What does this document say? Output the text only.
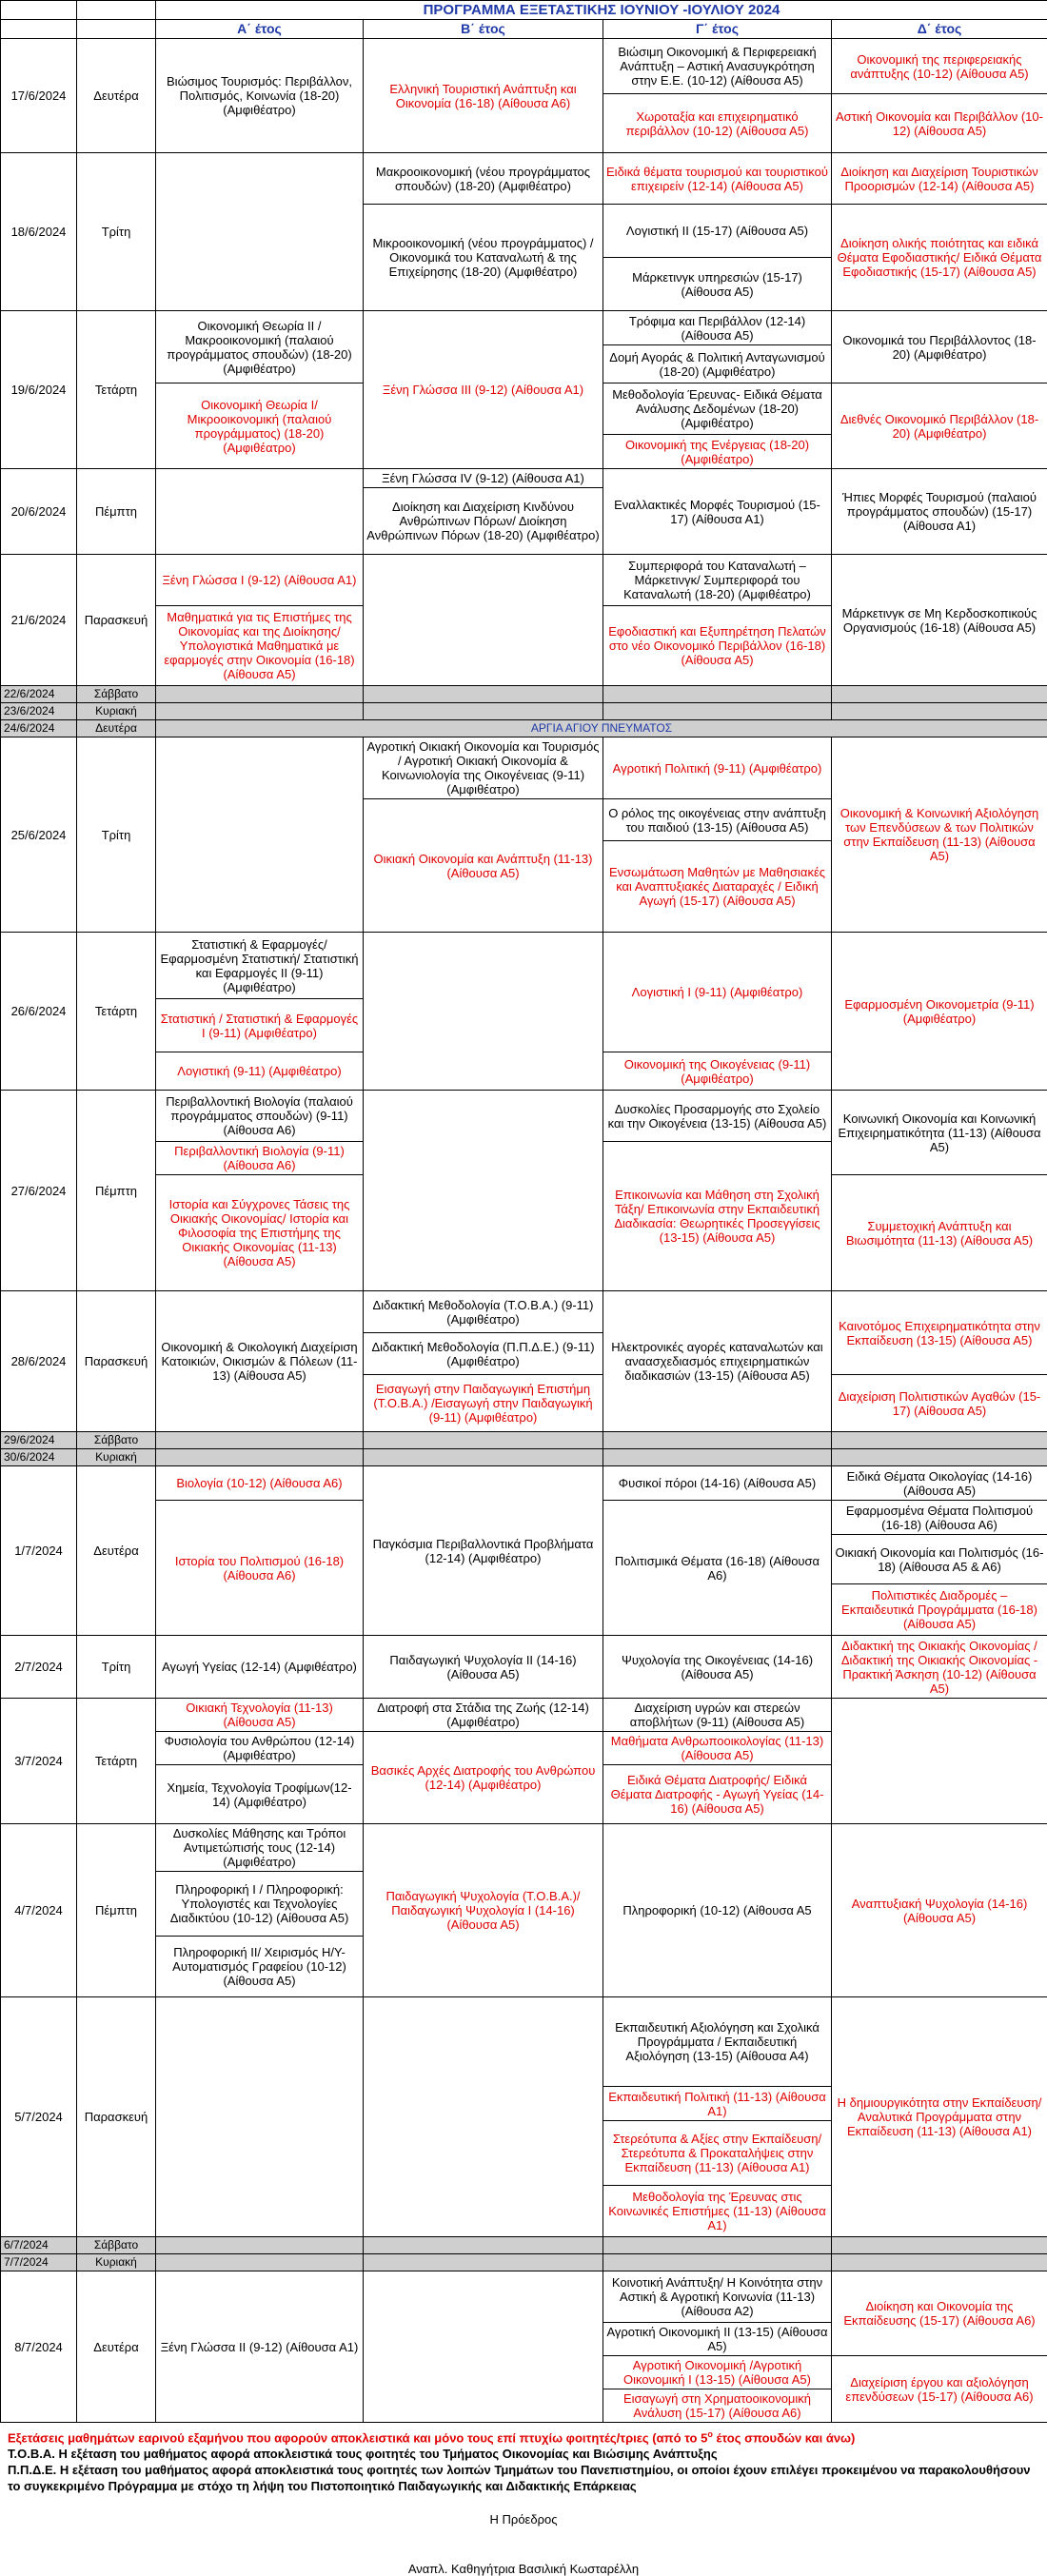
		ΠΡΟΓΡΑΜΜΑ ΕΞΕΤΑΣΤΙΚΗΣ ΙΟΥΝΙΟΥ -ΙΟΥΛΙΟΥ 2024			
		Α΄ έτος	Β΄ έτος	Γ΄ έτος	Δ΄ έτος
17/6/2024	Δευτέρα	Βιώσιμος Τουρισμός: Περιβάλλον, Πολιτισμός, Κοινωνία (18-20) (Αμφιθέατρο)	Ελληνική Τουριστική Ανάπτυξη και Οικονομία (16-18) (Αίθουσα Α6)	Βιώσιμη Οικονομική & Περιφερειακή Ανάπτυξη – Αστική Ανασυγκρότηση στην Ε.Ε. (10-12) (Αίθουσα Α5)	Οικονομική της περιφερειακής ανάπτυξης (10-12) (Αίθουσα Α5)
				Χωροταξία και επιχειρηματικό περιβάλλον (10-12) (Αίθουσα Α5)	Αστική Οικονομία και Περιβάλλον (10-12) (Αίθουσα Α5)
18/6/2024	Τρίτη		Μακροοικονομική (νέου προγράμματος σπουδών) (18-20) (Αμφιθέατρο)	Ειδικά θέματα τουρισμού και τουριστικού επιχειρείν (12-14) (Αίθουσα Α5)	Διοίκηση και Διαχείριση Τουριστικών Προορισμών (12-14) (Αίθουσα Α5)
			Μικροοικονομική (νέου προγράμματος) / Οικονομικά του Καταναλωτή & της Επιχείρησης (18-20) (Αμφιθέατρο)	Λογιστική ΙΙ (15-17) (Αίθουσα Α5)	Διοίκηση ολικής ποιότητας και ειδικά Θέματα Εφοδιαστικής/ Ειδικά Θέματα Εφοδιαστικής (15-17) (Αίθουσα Α5)
				Μάρκετινγκ υπηρεσιών (15-17) (Αίθουσα Α5)	
19/6/2024	Τετάρτη	Οικονομική Θεωρία ΙΙ /Μακροοικονομική (παλαιού προγράμματος σπουδών) (18-20) (Αμφιθέατρο)	Ξένη Γλώσσα ΙΙΙ (9-12) (Αίθουσα Α1)	Τρόφιμα και Περιβάλλον (12-14) (Αίθουσα Α5)	Οικονομικά του Περιβάλλοντος (18-20) (Αμφιθέατρο)
				Δομή Αγοράς & Πολιτική Ανταγωνισμού (18-20) (Αμφιθέατρο)	
		Οικονομική Θεωρία Ι/ Μικροοικονομική (παλαιού προγράμματος) (18-20) (Αμφιθέατρο)		Μεθοδολογία Έρευνας- Ειδικά Θέματα Ανάλυσης Δεδομένων (18-20) (Αμφιθέατρο)	Διεθνές Οικονομικό Περιβάλλον (18-20) (Αμφιθέατρο)
				Οικονομική της Ενέργειας (18-20) (Αμφιθέατρο)	
20/6/2024	Πέμπτη		Ξένη Γλώσσα IV (9-12) (Αίθουσα Α1)	Εναλλακτικές Μορφές Τουρισμού (15-17) (Αίθουσα Α1)	Ήπιες Μορφές Τουρισμού (παλαιού προγράμματος σπουδών) (15-17) (Αίθουσα Α1)
			Διοίκηση και Διαχείριση Κινδύνου Ανθρώπινων Πόρων/ Διοίκηση Ανθρώπινων Πόρων (18-20) (Αμφιθέατρο)		
21/6/2024	Παρασκευή	Ξένη Γλώσσα Ι (9-12) (Αίθουσα Α1)		Συμπεριφορά του Καταναλωτή – Μάρκετινγκ/ Συμπεριφορά του Καταναλωτή (18-20) (Αμφιθέατρο)	Μάρκετινγκ σε Μη Κερδοσκοπικούς Οργανισμούς (16-18) (Αίθουσα Α5)
		Μαθηματικά για τις Επιστήμες της Οικονομίας και της Διοίκησης/ Υπολογιστικά Μαθηματικά με εφαρμογές στην Οικονομία (16-18) (Αίθουσα Α5)		Εφοδιαστική και Εξυπηρέτηση Πελατών στο νέο Οικονομικό Περιβάλλον (16-18) (Αίθουσα Α5)	
22/6/2024	Σάββατο				
23/6/2024	Κυριακή				
24/6/2024	Δευτέρα	ΑΡΓΙΑ ΑΓΙΟΥ ΠΝΕΥΜΑΤΟΣ			
25/6/2024	Τρίτη		Αγροτική Οικιακή Οικονομία και Τουρισμός / Αγροτική Οικιακή Οικονομία & Κοινωνιολογία της Οικογένειας (9-11) (Αμφιθέατρο)	Αγροτική Πολιτική (9-11) (Αμφιθέατρο)	Οικονομική & Κοινωνική Αξιολόγηση των Επενδύσεων & των Πολιτικών στην Εκπαίδευση (11-13) (Αίθουσα Α5)
			Οικιακή Οικονομία και Ανάπτυξη (11-13) (Αίθουσα Α5)	Ο ρόλος της οικογένειας στην ανάπτυξη του παιδιού (13-15) (Αίθουσα Α5)	
				Ενσωμάτωση Μαθητών με Μαθησιακές και Αναπτυξιακές Διαταραχές / Ειδική Αγωγή (15-17) (Αίθουσα Α5)	
26/6/2024	Τετάρτη	Στατιστική & Εφαρμογές/ Εφαρμοσμένη Στατιστική/ Στατιστική και Εφαρμογές ΙΙ (9-11) (Αμφιθέατρο)		Λογιστική Ι (9-11) (Αμφιθέατρο)	Εφαρμοσμένη Οικονομετρία (9-11) (Αμφιθέατρο)
		Στατιστική / Στατιστική & Εφαρμογές Ι (9-11) (Αμφιθέατρο)			
		Λογιστική (9-11) (Αμφιθέατρο)		Οικονομική της Οικογένειας (9-11) (Αμφιθέατρο)	
27/6/2024	Πέμπτη	Περιβαλλοντική Βιολογία (παλαιού προγράμματος σπουδών) (9-11) (Αίθουσα Α6)		Δυσκολίες Προσαρμογής στο Σχολείο και την Οικογένεια (13-15) (Αίθουσα Α5)	Κοινωνική Οικονομία και Κοινωνική Επιχειρηματικότητα (11-13) (Αίθουσα Α5)
		Περιβαλλοντική Βιολογία (9-11) (Αίθουσα Α6)		Επικοινωνία και Μάθηση στη Σχολική Τάξη/ Επικοινωνία στην Εκπαιδευτική Διαδικασία: Θεωρητικές Προσεγγίσεις (13-15) (Αίθουσα Α5)	
		Ιστορία και Σύγχρονες Τάσεις της Οικιακής Οικονομίας/ Ιστορία και Φιλοσοφία της Επιστήμης της Οικιακής Οικονομίας (11-13) (Αίθουσα Α5)			Συμμετοχική Ανάπτυξη και Βιωσιμότητα (11-13) (Αίθουσα Α5)
28/6/2024	Παρασκευή	Οικονομική & Οικολογική Διαχείριση Κατοικιών, Οικισμών & Πόλεων (11-13) (Αίθουσα Α5)	Διδακτική Μεθοδολογία (Τ.Ο.Β.Α.) (9-11) (Αμφιθέατρο)	Ηλεκτρονικές αγορές καταναλωτών και αναασχεδιασμός επιχειρηματικών διαδικασιών (13-15) (Αίθουσα Α5)	Καινοτόμος Επιχειρηματικότητα στην Εκπαίδευση (13-15) (Αίθουσα Α5)
			Διδακτική Μεθοδολογία (Π.Π.Δ.Ε.) (9-11) (Αμφιθέατρο)		
			Εισαγωγή στην Παιδαγωγική Επιστήμη (Τ.Ο.Β.Α.) /Εισαγωγή στην Παιδαγωγική (9-11) (Αμφιθέατρο)		Διαχείριση Πολιτιστικών Αγαθών (15-17) (Αίθουσα Α5)
29/6/2024	Σάββατο				
30/6/2024	Κυριακή				
1/7/2024	Δευτέρα	Βιολογία (10-12) (Αίθουσα Α6)	Παγκόσμια Περιβαλλοντικά Προβλήματα (12-14) (Αμφιθέατρο)	Φυσικοί πόροι (14-16) (Αίθουσα Α5)	Ειδικά Θέματα Οικολογίας (14-16) (Αίθουσα Α5)
		Ιστορία του Πολιτισμού (16-18) (Αίθουσα Α6)		Πολιτισμικά Θέματα (16-18) (Αίθουσα Α6)	Εφαρμοσμένα Θέματα Πολιτισμού (16-18) (Αίθουσα Α6)
					Οικιακή Οικονομία και Πολιτισμός (16-18) (Αίθουσα Α5 & Α6)
					Πολιτιστικές Διαδρομές – Εκπαιδευτικά Προγράμματα (16-18) (Αίθουσα Α5)
2/7/2024	Τρίτη	Αγωγή Υγείας (12-14) (Αμφιθέατρο)	Παιδαγωγική Ψυχολογία ΙΙ (14-16) (Αίθουσα Α5)	Ψυχολογία της Οικογένειας (14-16) (Αίθουσα Α5)	Διδακτική της Οικιακής Οικονομίας / Διδακτική της Οικιακής Οικονομίας - Πρακτική Άσκηση (10-12) (Αίθουσα Α5)
3/7/2024	Τετάρτη	Οικιακή Τεχνολογία (11-13) (Αίθουσα Α5)	Διατροφή στα Στάδια της Ζωής (12-14) (Αμφιθέατρο)	Διαχείριση υγρών και στερεών αποβλήτων (9-11) (Αίθουσα Α5)	
		Φυσιολογία του Ανθρώπου (12-14) (Αμφιθέατρο)	Βασικές Αρχές Διατροφής του Ανθρώπου (12-14) (Αμφιθέατρο)	Μαθήματα Ανθρωποοικολογίας (11-13) (Αίθουσα Α5)	
		Χημεία, Τεχνολογία Τροφίμων(12-14) (Αμφιθέατρο)		Ειδικά Θέματα Διατροφής/ Ειδικά Θέματα Διατροφής - Αγωγή Υγείας (14-16) (Αίθουσα Α5)	

4/7/2024	Πέμπτη	Δυσκολίες Μάθησης και Τρόποι Αντιμετώπισής τους (12-14) (Αμφιθέατρο)	Παιδαγωγική Ψυχολογία (Τ.Ο.Β.Α.)/ Παιδαγωγική Ψυχολογία Ι (14-16) (Αίθουσα Α5)	Πληροφορική (10-12) (Αίθουσα Α5	Αναπτυξιακή Ψυχολογία (14-16) (Αίθουσα Α5)
		Πληροφορική Ι / Πληροφορική: Υπολογιστές και Τεχνολογίες Διαδικτύου (10-12) (Αίθουσα Α5)			
		Πληροφορική ΙΙ/ Χειρισμός Η/Υ-Αυτοματισμός Γραφείου (10-12) (Αίθουσα Α5)			
5/7/2024	Παρασκευή			Εκπαιδευτική Αξιολόγηση και Σχολικά Προγράμματα / Εκπαιδευτική Αξιολόγηση (13-15) (Αίθουσα Α4)	Η δημιουργικότητα στην Εκπαίδευση/ Αναλυτικά Προγράμματα στην Εκπαίδευση (11-13) (Αίθουσα Α1)
				Εκπαιδευτική Πολιτική (11-13) (Αίθουσα Α1)	
				Στερεότυπα & Αξίες στην Εκπαίδευση/ Στερεότυπα & Προκαταλήψεις στην Εκπαίδευση (11-13) (Αίθουσα Α1)	
				Μεθοδολογία της Έρευνας στις Κοινωνικές Επιστήμες (11-13) (Αίθουσα Α1)	
6/7/2024	Σάββατο				
7/7/2024	Κυριακή				
8/7/2024	Δευτέρα	Ξένη Γλώσσα ΙΙ (9-12) (Αίθουσα Α1)		Κοινοτική Ανάπτυξη/ Η Κοινότητα στην Αστική & Αγροτική Κοινωνία (11-13) (Αίθουσα Α2)	Διοίκηση και Οικονομία της Εκπαίδευσης (15-17) (Αίθουσα Α6)
				Αγροτική Οικονομική ΙΙ (13-15) (Αίθουσα Α5)	
				Αγροτική Οικονομική /Αγροτική Οικονομική Ι (13-15) (Αίθουσα Α5)	Διαχείριση έργου και αξιολόγηση επενδύσεων (15-17) (Αίθουσα Α6)
				Εισαγωγή στη Χρηματοοικονομική Ανάλυση (15-17) (Αίθουσα Α6)	
Εξετάσεις μαθημάτων εαρινού εξαμήνου που αφορούν αποκλειστικά και μόνο τους επί πτυχίω φοιτητές/τριες (από το $5^o$ έτος σπουδών και άνω)
Τ.Ο.Β.Α. Η εξέταση του μαθήματος αφορά αποκλειστικά τους φοιτητές του Τμήματος Οικονομίας και Βιώσιμης Ανάπτυξης
Π.Π.Δ.Ε. Η εξέταση του μαθήματος αφορά αποκλειστικά τους φοιτητές των λοιπών Τμημάτων του Πανεπιστημίου, οι οποίοι έχουν επιλέγει προκειμένου να παρακολουθήσουν το συγκεκριμένο Πρόγραμμα με στόχο τη λήψη του Πιστοποιητικό Παιδαγωγικής και Διδακτικής Επάρκειας
Η Πρόεδρος
Αναπλ. Καθηγήτρια Βασιλική Κωσταρέλλη
